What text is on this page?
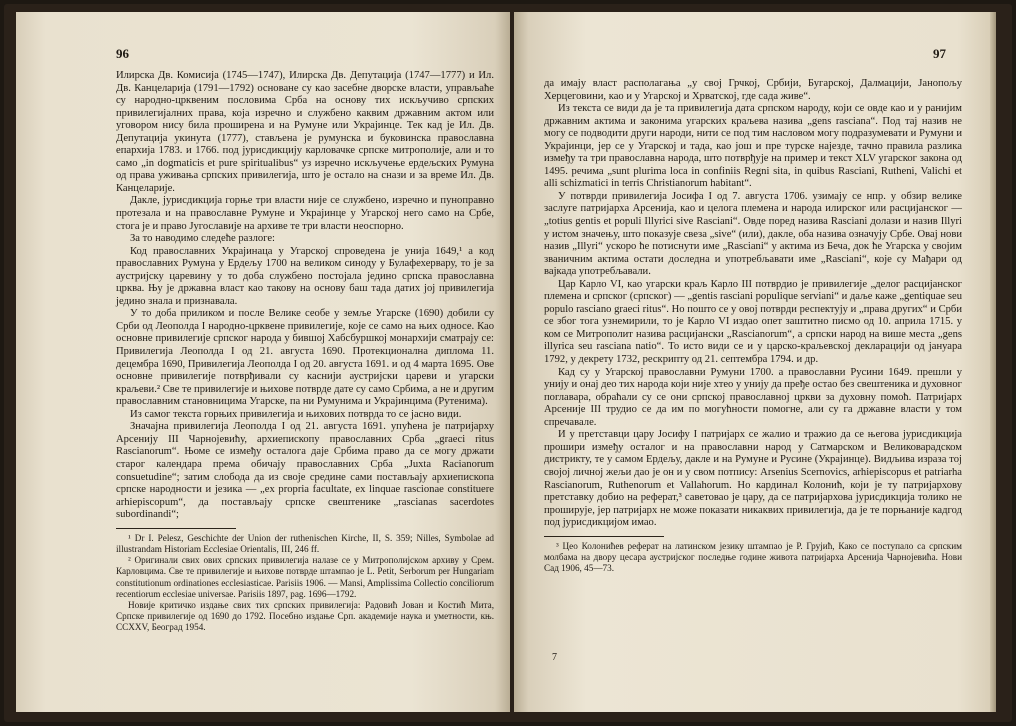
96

Илирска Дв. Комисија (1745—1747), Илирска Дв. Депутација (1747—1777) и Ил. Дв. Канцеларија (1791—1792) основане су као засебне дворске власти, управљаће су народно-црквеним пословима Срба на основу тих искључиво српских привилегијалних права, која изречно и службено каквим државним актом или уговором нису била проширена и на Румуне или Украјинце. Тек кад је Ил. Дв. Депутација укинута (1777), стављена је румунска и буковинска православна епархија 1783. и 1766. под јурисдикцију карловачке српске митрополије, али и то само „in dogmaticis et pure spiritualibus“ уз изречно искључење ердељских Румуна од права уживања српских привилегија, што је остало на снази и за време Ил. Дв. Канцеларије.

Дакле, јурисдикција горње три власти није се службено, изречно и пуноправно протезала и на православне Румуне и Украјинце у Угарској него само на Србе, стога је и право Југославије на архиве те три власти неоспорно.

За то наводимо следеће разлоге:

Код православних Украјинаца у Угарској спроведена је унија 1649,¹ а код православних Румуна у Ердељу 1700 на великом синоду у Булафехервару, то је за аустријску царевину у то доба службено постојала једино српска православна црква. Њу је државна власт као такову на основу баш тада датих јој привилегија једино знала и признавала.

У то доба приликом и после Велике сеобе у земље Угарске (1690) добили су Срби од Леополда I народно-црквене привилегије, које се само на њих односе. Као основне привилегије српског народа у бившој Хабсбуршкој монархији сматрају се: Привилегија Леополда I од 21. августа 1690. Протекционална диплома 11. децембра 1690, Привилегија Леополда I од 20. августа 1691. и од 4 марта 1695. Ове основне привилегије потврђивали су каснији аустријски цареви и угарски краљеви.² Све те привилегије и њихове потврде дате су само Србима, а не и другим православним становницима Угарске, па ни Румунима и Украјинцима (Рутенима).

Из самог текста горњих привилегија и њихових потврда то се јасно види.

Значајна привилегија Леополда I од 21. августа 1691. упућена је патријарху Арсенију III Чарнојевићу, архиепископу православних Срба „graeci ritus Rascianorum“. Њоме се између осталога даје Србима право да се могу држати старог календара према обичају православних Срба „Juxta Racianorum consuetudine“; затим слобода да из своје средине сами постављају архиепископа српске народности и језика — „ex propria facultate, ex linquae rascionae constituere arhiepiscopum“, да постављају српске свештенике „rascianas sacerdotes subordinandi“;

¹ Dr I. Pelesz, Geschichte der Union der ruthenischen Kirche, II, S. 359; Nilles, Symbolae ad illustrandam Historiam Ecclesiae Orientalis, III, 246 ff.

² Оригинали свих ових српских привилегија налазе се у Митрополијском архиву у Срем. Карловцима. Све те привилегије и њихове потврде штампао је L. Petit, Serborum per Hungariam constitutionum ordinationes ecclesiasticae. Parisiis 1906. — Mansi, Amplissima Collectio conciliorum recentiorum ecclesiae universae. Parisiis 1897, pag. 1696—1792.

Новије критичко издање свих тих српских привилегија: Радовић Јован и Костић Мита, Српске привилегије од 1690 до 1792. Посебно издање Срп. академије наука и уметности, књ. CCXXV, Београд 1954.

97

да имају власт располагања „у свој Грчкој, Србији, Бугарској, Далмацији, Јанопољу Херцеговини, као и у Угарској и Хрватској, где сада живе“.

Из текста се види да је та привилегија дата српском народу, који се овде као и у ранијим државним актима и законима угарских краљева назива „gens rasciana“. Под тај назив не могу се подводити други народи, нити се под тим насловом могу подразумевати и Румуни и Украјинци, јер се у Угарској и тада, као још и пре турске најезде, тачно правила разлика између та три православна народа, што потврђује на пример и текст XLV угарског закона од 1495. речима „sunt plurima loca in confiniis Regni sita, in quibus Rasciani, Rutheni, Valichi et alli schizmatici in terris Christianorum habitant“.

У потврди привилегија Јосифа I од 7. августа 1706. узимају се нпр. у обзир велике заслуге патријарха Арсенија, као и целога племена и народа илирског или расцијанског — „totius gentis et populi Illyrici sive Rasciani“. Овде поред назива Rasciani долази и назив Illyri у истом значењу, што показује свеза „sive“ (или), дакле, оба назива означују Србе. Овај нови назив „Illyri“ ускоро ће потиснути име „Rasciani“ у актима из Беча, док ће Угарска у својим званичним актима остати доследна и употребљавати име „Rasciani“, које су Мађари од вајкада употребљавали.

Цар Карло VI, као угарски краљ Карло III потврдио је привилегије „делог расцијанског племена и српског (српског) — „gentis rasciani populique serviani“ и даље каже „gentiquae seu populo rasciano graeci ritus“. Но пошто се у овој потврди респектују и „права других“ и Срби се због тога узнемирили, то је Карло VI издао опет заштитно писмо од 10. априла 1715. у ком се Митрополит назива расцијански „Rascianorum“, а српски народ на више места „gens illyrica seu rasciana natio“. То исто види се и у царско-краљевској декларацији од јануара 1792, у декрету 1732, рескрипту од 21. септембра 1794. и др.

Кад су у Угарској православни Румуни 1700. а православни Русини 1649. прешли у унију и онај део тих народа који није хтео у унију да пређе остао без свештеника и духовног поглавара, обраћали су се они српској православној цркви за духовну помоћ. Патријарх Арсеније III трудио се да им по могућности помогне, али су га државне власти у том спречавале.

И у претставци цару Јосифу I патријарх се жалио и тражио да се његова јурисдикција прошири између осталог и на православни народ у Сатмарском и Великоварадском дистрикту, те у самом Ердељу, дакле и на Румуне и Русине (Украјинце). Видљива израза тој својој личној жељи дао је он и у свом потпису: Arsenius Sсernovics, arhiepiscopus et patriarha Rascianorum, Ruthenorum et Vallahorum. Но кардинал Колонић, који је ту патријархову претставку добио на реферат,³ саветовао је цару, да се патријархова јурисдикција толико не проширује, јер патријарх не може показати никаквих привилегија, да је те порњаније кадгод под јурисдикцијом имао.

³ Цео Колонићев реферат на латинском језику штампао је Р. Грујић, Како се поступало са српским молбама на двору цесара аустријског последње године живота патријарха Арсенија Чарнојевића. Нови Сад 1906, 45—73.

7
